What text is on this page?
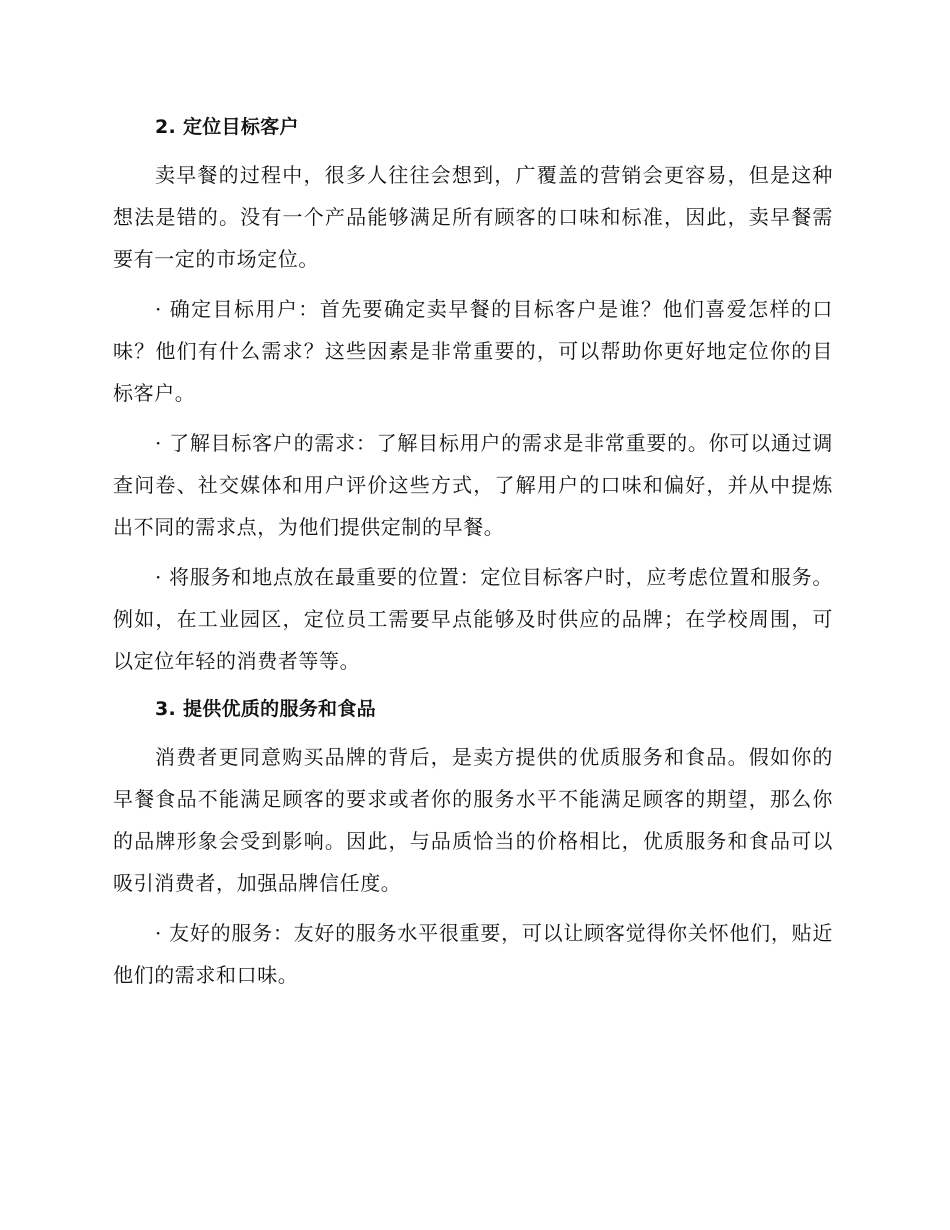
2. 定位目标客户

卖早餐的过程中，很多人往往会想到，广覆盖的营销会更容易，但是这种想法是错的。没有一个产品能够满足所有顾客的口味和标准，因此，卖早餐需要有一定的市场定位。

· 确定目标用户：首先要确定卖早餐的目标客户是谁？他们喜爱怎样的口味？他们有什么需求？这些因素是非常重要的，可以帮助你更好地定位你的目标客户。

· 了解目标客户的需求：了解目标用户的需求是非常重要的。你可以通过调查问卷、社交媒体和用户评价这些方式，了解用户的口味和偏好，并从中提炼出不同的需求点，为他们提供定制的早餐。

· 将服务和地点放在最重要的位置：定位目标客户时，应考虑位置和服务。例如，在工业园区，定位员工需要早点能够及时供应的品牌；在学校周围，可以定位年轻的消费者等等。

3. 提供优质的服务和食品

消费者更同意购买品牌的背后，是卖方提供的优质服务和食品。假如你的早餐食品不能满足顾客的要求或者你的服务水平不能满足顾客的期望，那么你的品牌形象会受到影响。因此，与品质恰当的价格相比，优质服务和食品可以吸引消费者，加强品牌信任度。

· 友好的服务：友好的服务水平很重要，可以让顾客觉得你关怀他们，贴近他们的需求和口味。
